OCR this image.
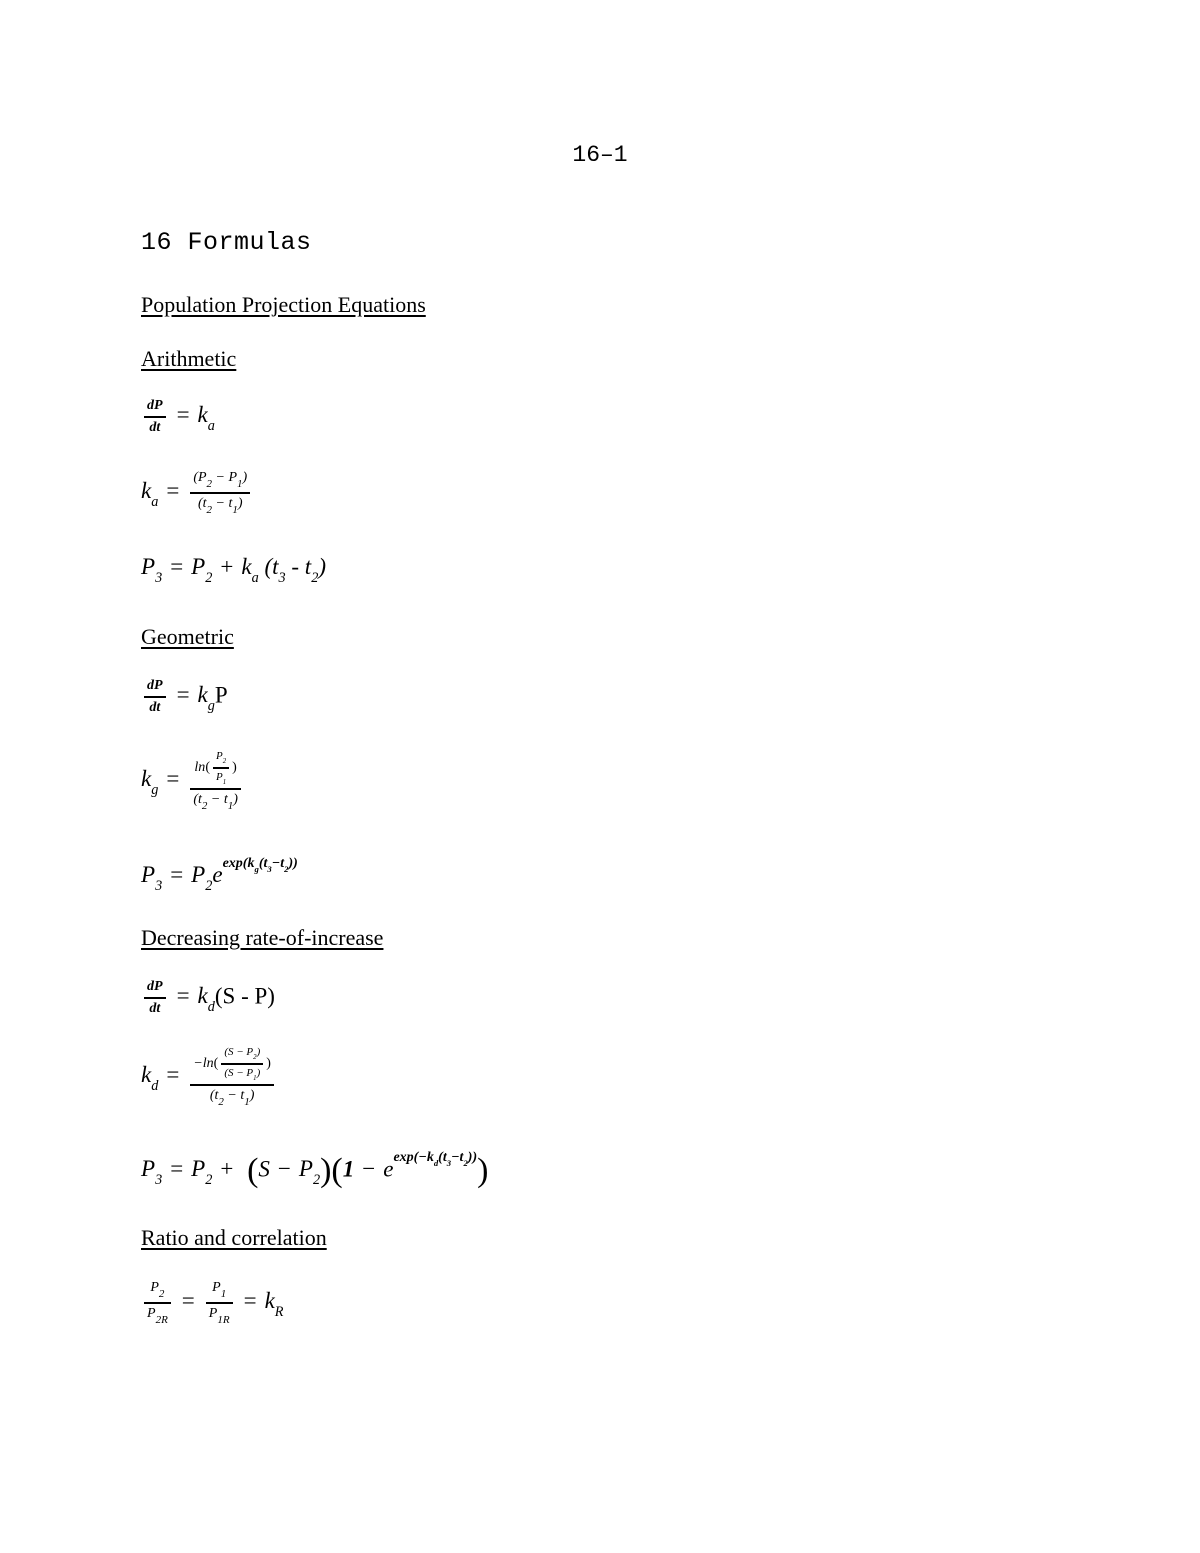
16–1
16 Formulas
Population Projection Equations
Arithmetic
$\frac{dP}{dt} = k_a$
$k_a = \frac{(P_2 - P_1)}{(t_2 - t_1)}$
$P_3 = P_2 + k_a$ $(t_3 - t_2)$
Geometric
$\frac{dP}{dt} = k_gP$
$k_g = \frac{\ln( \frac{P_2}{P_1} )}{(t_2 - t_1)}$
$P_3 = P_2e^{exp(k_g(t_3-t_2))}$
Decreasing rate-of-increase
$\frac{dP}{dt} = k_d(S - P)$
$k_d = \frac{-\ln( \frac{(S - P_2)}{(S - P_1)} )}{(t_2 - t_1)}$
$P_3 = P_2 + (S - P_2)(1 - e^{exp(-k_d(t_3-t_2))})$
Ratio and correlation
$\frac{P_2}{P_{2R}} = \frac{P_1}{P_{1R}} = k_R$
